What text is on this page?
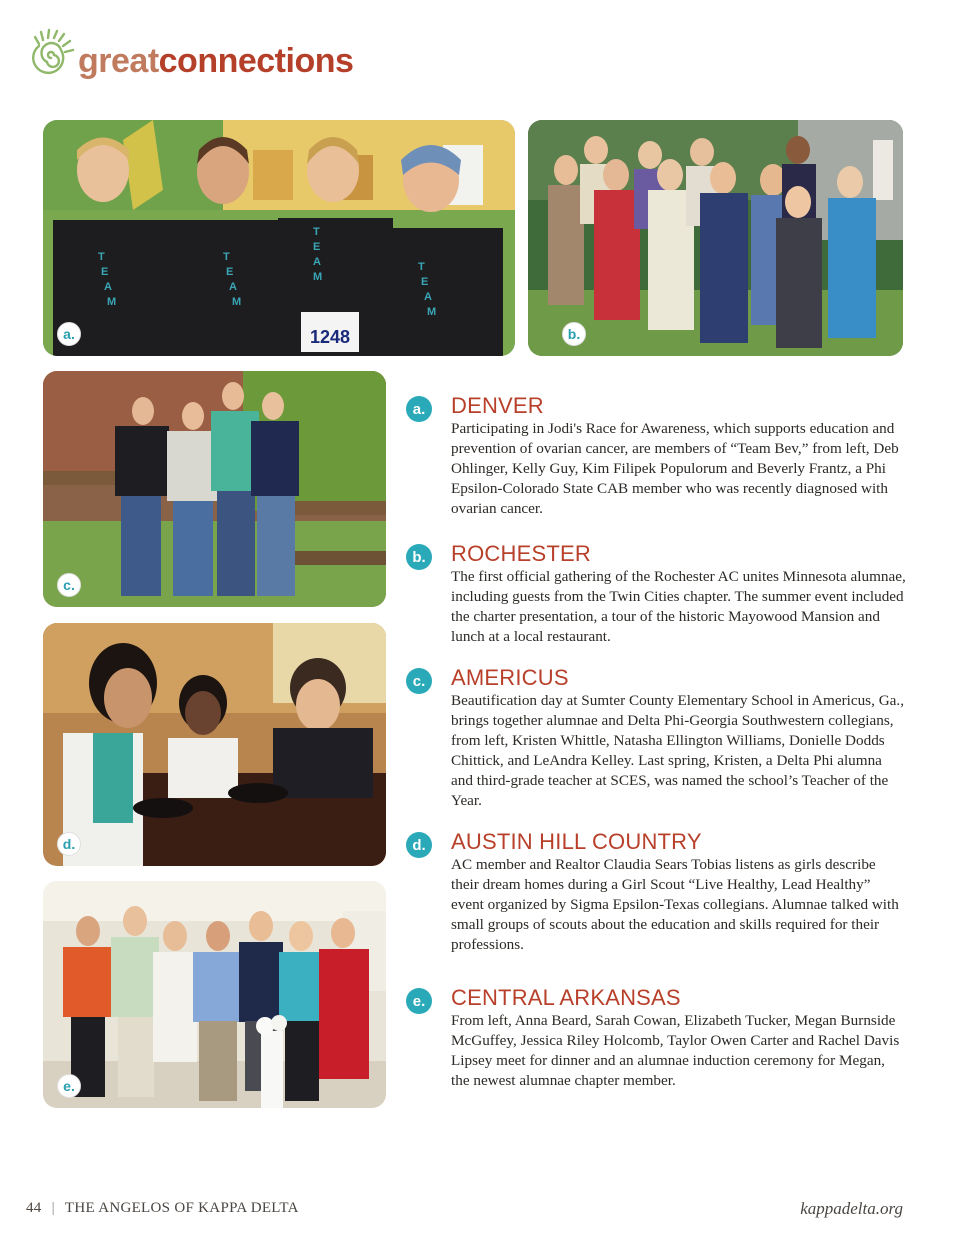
greatconnections
T
E
A
M
T
E
A
M
T
E
A
M
T
E
A
M
1248
a.	b.
c.
d.
e.
a.	DENVER

Participating in Jodi's Race for Awareness, which supports education and prevention of ovarian cancer, are members of “Team Bev,” from left, Deb Ohlinger, Kelly Guy, Kim Filipek Populorum and Beverly Frantz, a Phi Epsilon-Colorado State CAB member who was recently diagnosed with ovarian cancer.

b. ROCHESTER

The first official gathering of the Rochester AC unites Minnesota alumnae, including guests from the Twin Cities chapter. The summer event included the charter presentation, a tour of the historic Mayowood Mansion and lunch at a local restaurant.

c.	AMERICUS

Beautification day at Sumter County Elementary School in Americus, Ga., brings together alumnae and Delta Phi-Georgia Southwestern collegians, from left, Kristen Whittle, Natasha Ellington Williams, Donielle Dodds Chittick, and LeAndra Kelley. Last spring, Kristen, a Delta Phi alumna and third-grade teacher at SCES, was named the school’s Teacher of the Year.

d. AUSTIN HILL COUNTRY

AC member and Realtor Claudia Sears Tobias listens as girls describe their dream homes during a Girl Scout “Live Healthy, Lead Healthy” event organized by Sigma Epsilon-Texas collegians. Alumnae talked with small groups of scouts about the education and skills required for their professions.

e.	CENTRAL ARKANSAS

From left, Anna Beard, Sarah Cowan, Elizabeth Tucker, Megan Burnside McGuffey, Jessica Riley Holcomb, Taylor Owen Carter and Rachel Davis Lipsey meet for dinner and an alumnae induction ceremony for Megan, the newest alumnae chapter member.

44 | THE ANGELOS OF KAPPA DELTA	kappadelta.org
